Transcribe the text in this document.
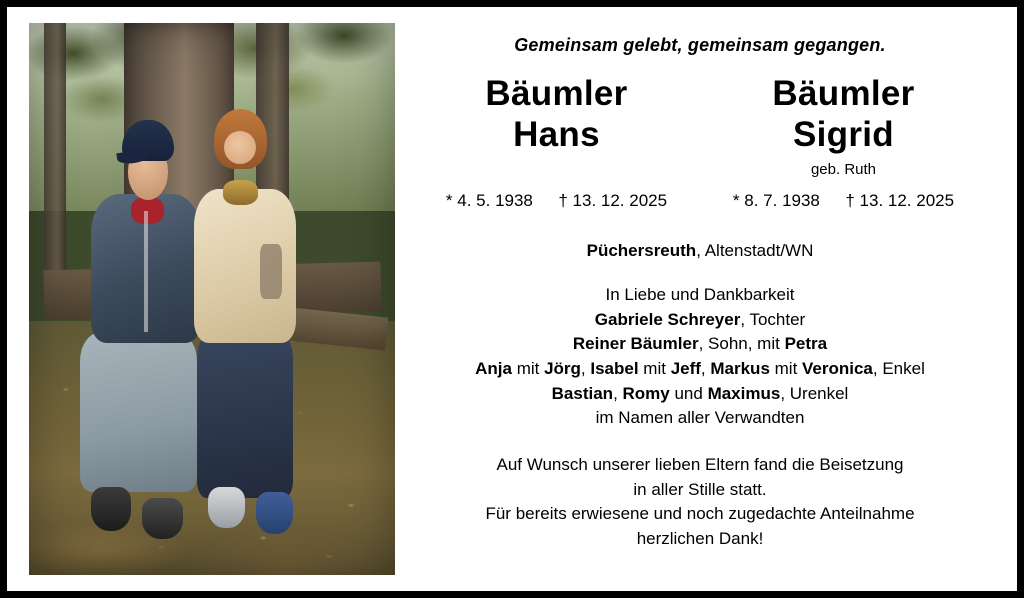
Gemeinsam gelebt, gemeinsam gegangen.
Bäumler
Hans
* 4. 5. 1938 † 13. 12. 2025
Bäumler
Sigrid
geb. Ruth
* 8. 7. 1938 † 13. 12. 2025
Püchersreuth, Altenstadt/WN
In Liebe und Dankbarkeit
Gabriele Schreyer, Tochter
Reiner Bäumler, Sohn, mit Petra
Anja mit Jörg, Isabel mit Jeff, Markus mit Veronica, Enkel
Bastian, Romy und Maximus, Urenkel
im Namen aller Verwandten
Auf Wunsch unserer lieben Eltern fand die Beisetzung
in aller Stille statt.
Für bereits erwiesene und noch zugedachte Anteilnahme
herzlichen Dank!
